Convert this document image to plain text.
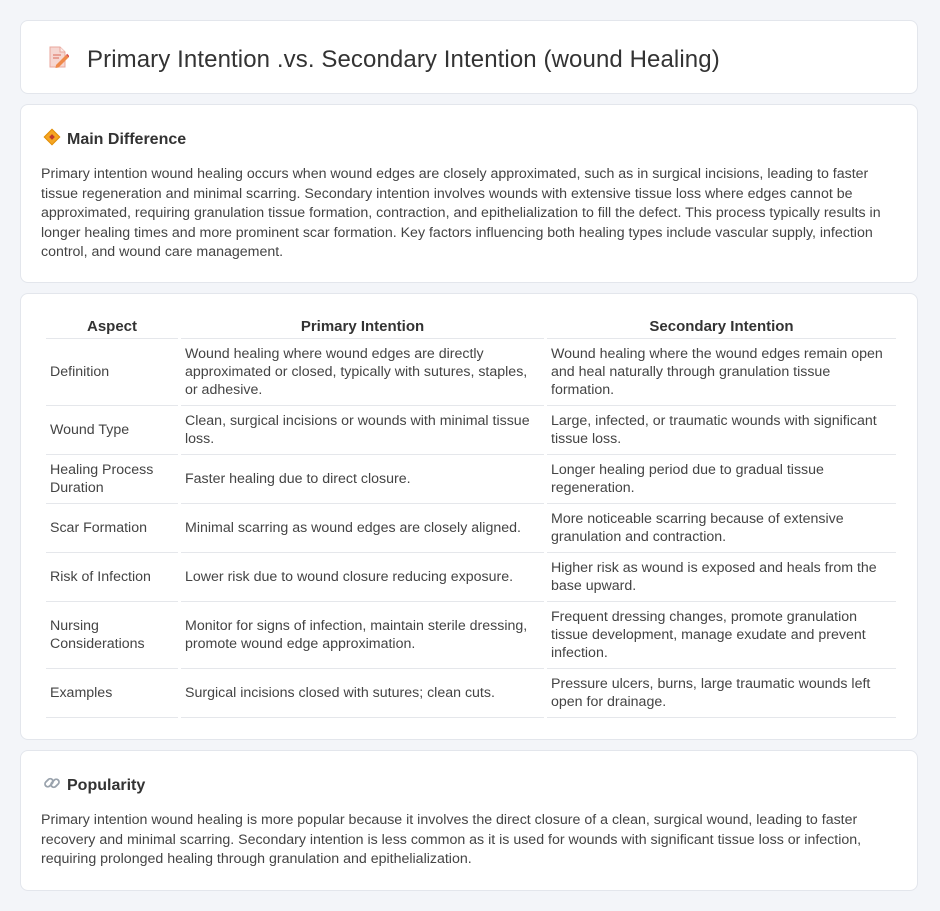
Primary Intention .vs. Secondary Intention (wound Healing)
Main Difference

Primary intention wound healing occurs when wound edges are closely approximated, such as in surgical incisions, leading to faster tissue regeneration and minimal scarring. Secondary intention involves wounds with extensive tissue loss where edges cannot be approximated, requiring granulation tissue formation, contraction, and epithelialization to fill the defect. This process typically results in longer healing times and more prominent scar formation. Key factors influencing both healing types include vascular supply, infection control, and wound care management.

Aspect	Primary Intention	Secondary Intention
Definition	Wound healing where wound edges are directly approximated or closed, typically with sutures, staples, or adhesive.	Wound healing where the wound edges remain open and heal naturally through granulation tissue formation.
Wound Type	Clean, surgical incisions or wounds with minimal tissue loss.	Large, infected, or traumatic wounds with significant tissue loss.
Healing Process Duration	Faster healing due to direct closure.	Longer healing period due to gradual tissue regeneration.
Scar Formation	Minimal scarring as wound edges are closely aligned.	More noticeable scarring because of extensive granulation and contraction.
Risk of Infection	Lower risk due to wound closure reducing exposure.	Higher risk as wound is exposed and heals from the base upward.
Nursing Considerations	Monitor for signs of infection, maintain sterile dressing, promote wound edge approximation.	Frequent dressing changes, promote granulation tissue development, manage exudate and prevent infection.
Examples	Surgical incisions closed with sutures; clean cuts.	Pressure ulcers, burns, large traumatic wounds left open for drainage.
Popularity

Primary intention wound healing is more popular because it involves the direct closure of a clean, surgical wound, leading to faster recovery and minimal scarring. Secondary intention is less common as it is used for wounds with significant tissue loss or infection, requiring prolonged healing through granulation and epithelialization.
